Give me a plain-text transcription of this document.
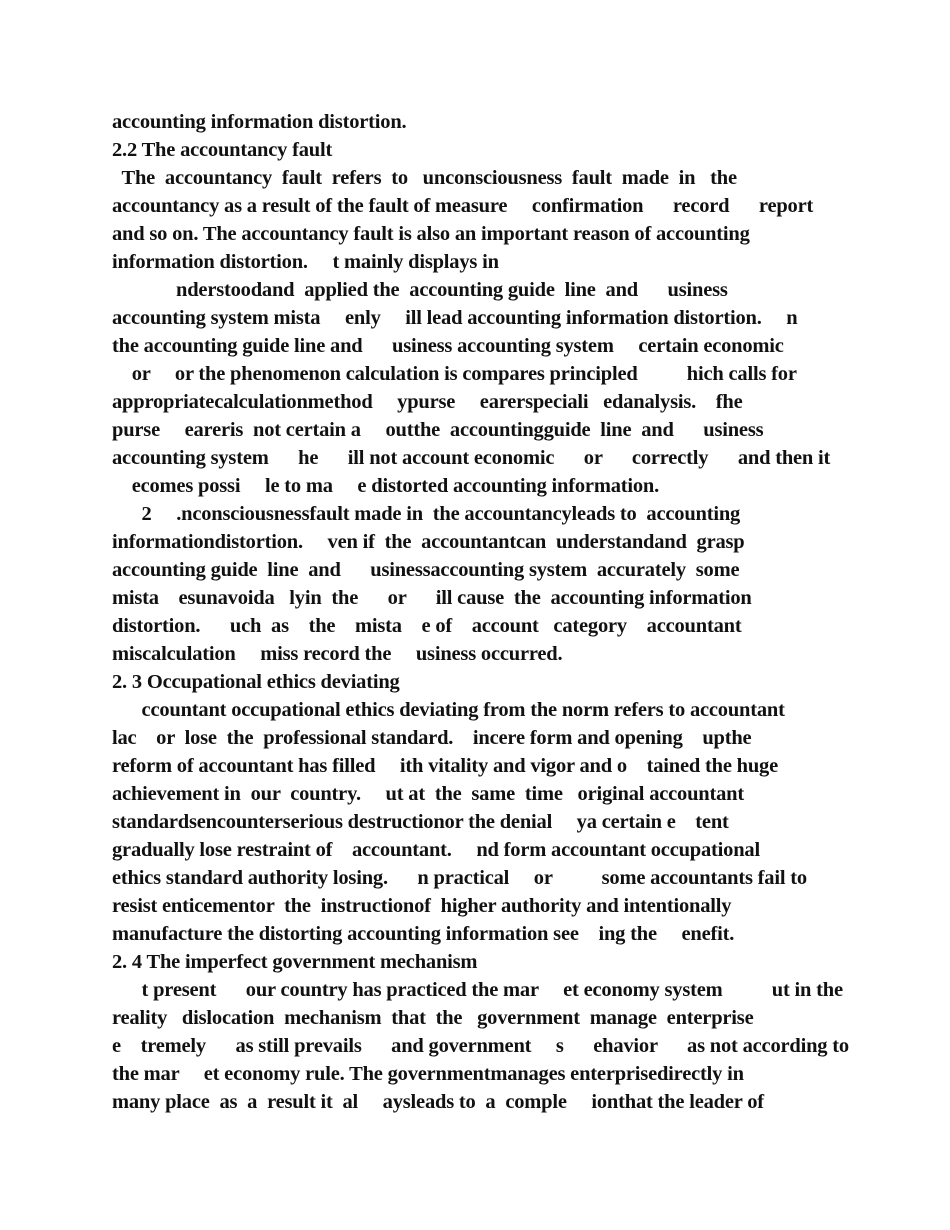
accounting information distortion.
2.2 The accountancy fault
The  accountancy  fault  refers  to   unconsciousness  fault  made  in   the
accountancy as a result of the fault of measure     confirmation      record      report
and so on. The accountancy fault is also an important reason of accounting
information distortion.     t mainly displays in
nderstoodand  applied the  accounting guide  line  and      usiness
accounting system mista     enly     ill lead accounting information distortion.     n
the accounting guide line and      usiness accounting system     certain economic
or     or the phenomenon calculation is compares principled          hich calls for
appropriatecalculationmethod     ypurse     earerspeciali   edanalysis.    fhe
purse     eareris  not certain a     outthe  accountingguide  line  and      usiness
accounting system      he      ill not account economic      or      correctly      and then it
ecomes possi     le to ma     e distorted accounting information.
2     .nconsciousnessfault made in  the accountancyleads to  accounting
informationdistortion.     ven if  the  accountantcan  understandand  grasp
accounting guide  line  and      usinessaccounting system  accurately  some
mista    esunavoida   lyin  the      or      ill cause  the  accounting information
distortion.      uch  as    the    mista    e of    account   category    accountant
miscalculation     miss record the     usiness occurred.
2. 3 Occupational ethics deviating
ccountant occupational ethics deviating from the norm refers to accountant
lac    or  lose  the  professional standard.    incere form and opening    upthe
reform of accountant has filled     ith vitality and vigor and o    tained the huge
achievement in  our  country.     ut at  the  same  time   original accountant
standardsencounterserious destructionor the denial     ya certain e    tent
gradually lose restraint of    accountant.     nd form accountant occupational
ethics standard authority losing.      n practical     or          some accountants fail to
resist enticementor  the  instructionof  higher authority and intentionally
manufacture the distorting accounting information see    ing the     enefit.
2. 4 The imperfect government mechanism
t present      our country has practiced the mar     et economy system          ut in the
reality   dislocation  mechanism  that  the   government  manage  enterprise
e    tremely      as still prevails      and government     s      ehavior      as not according to
the mar     et economy rule. The governmentmanages enterprisedirectly in
many place  as  a  result it  al     aysleads to  a  comple     ionthat the leader of
